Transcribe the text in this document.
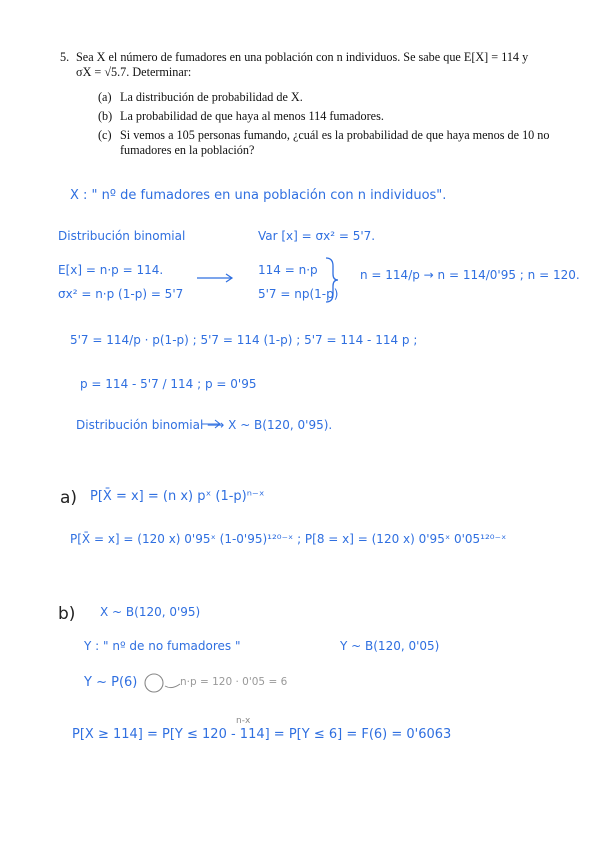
5. Sea X el número de fumadores en una población con n individuos. Se sabe que E[X] = 114 y
σX = √5.7. Determinar:
(a) La distribución de probabilidad de X.
(b) La probabilidad de que haya al menos 114 fumadores.
(c) Si vemos a 105 personas fumando, ¿cuál es la probabilidad de que haya menos de 10 no fumadores en la población?
X : " nº de fumadores en una población con n individuos".
Distribución binomial	Var [x] = σx² = 5'7.
E[x] = n·p = 114.
σx² = n·p (1-p) = 5'7
114 = n·p
5'7 = np(1-p)
n = 114/p → n = 114/0'95 ; n = 120.
5'7 = 114/p · p(1-p) ; 5'7 = 114 (1-p) ; 5'7 = 114 - 114 p ;
p = 114 - 5'7 / 114 ; p = 0'95
Distribución binomial ⟶ X ~ B(120, 0'95).
a) P[X̄ = x] = (n x) pˣ (1-p)ⁿ⁻ˣ
P[X̄ = x] = (120 x) 0'95ˣ (1-0'95)¹²⁰⁻ˣ ; P[8 = x] = (120 x) 0'95ˣ 0'05¹²⁰⁻ˣ
b) X ~ B(120, 0'95)
Y : " nº de no fumadores "	Y ~ B(120, 0'05)
Y ~ P(6)	n·p = 120 · 0'05 = 6
n-x
P[X ≥ 114] = P[Y ≤ 120 - 114] = P[Y ≤ 6] = F(6) = 0'6063
